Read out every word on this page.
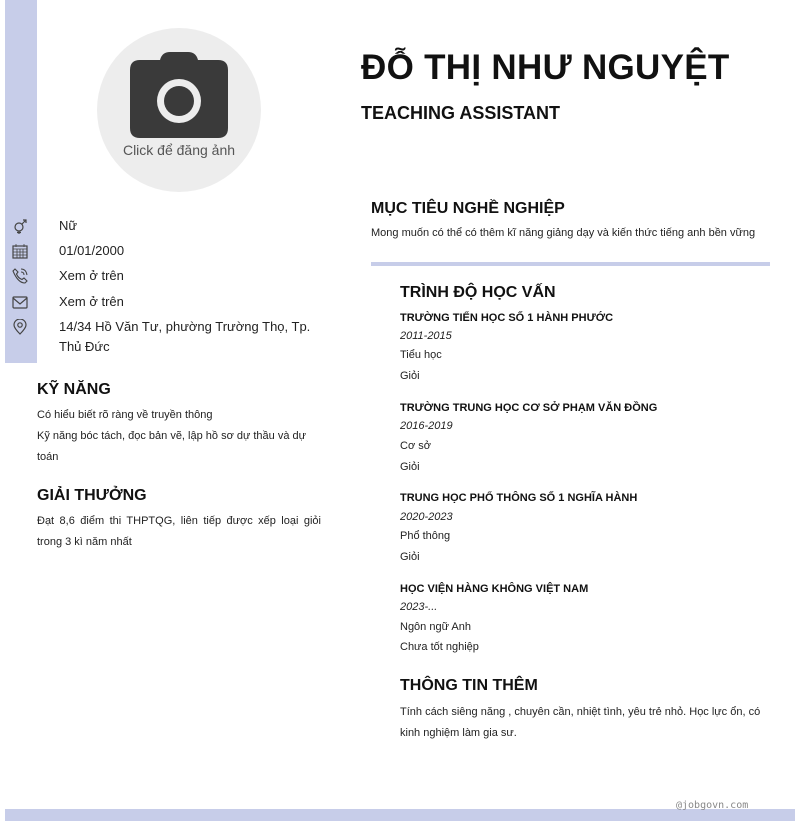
Click để đăng ảnh
ĐỖ THỊ NHƯ NGUYỆT
TEACHING ASSISTANT
Nữ
01/01/2000
Xem ở trên
Xem ở trên
14/34 Hồ Văn Tư, phường Trường Thọ, Tp.
Thủ Đức
KỸ NĂNG
Có hiểu biết rõ ràng về truyền thông
Kỹ năng bóc tách, đọc bản vẽ, lập hồ sơ dự thầu và dự
toán
GIẢI THƯỞNG
Đạt 8,6 điểm thi THPTQG, liên tiếp được xếp loại giỏi
trong 3 kì năm nhất
MỤC TIÊU NGHỀ NGHIỆP
Mong muốn có thể có thêm kĩ năng giảng dạy và kiến thức tiếng anh bền vững
TRÌNH ĐỘ HỌC VẤN
TRƯỜNG TIỂN HỌC SỐ 1 HÀNH PHƯỚC
2011-2015
Tiểu học
Giỏi
TRƯỜNG TRUNG HỌC CƠ SỞ PHẠM VĂN ĐỒNG
2016-2019
Cơ sở
Giỏi
TRUNG HỌC PHỔ THÔNG SỐ 1 NGHĨA HÀNH
2020-2023
Phổ thông
Giỏi
HỌC VIỆN HÀNG KHÔNG VIỆT NAM
2023-...
Ngôn ngữ Anh
Chưa tốt nghiệp
THÔNG TIN THÊM
Tính cách siêng năng , chuyên cần, nhiệt tình, yêu trẻ nhỏ. Học lực ổn, có
kinh nghiệm làm gia sư.
@jobgovn.com
